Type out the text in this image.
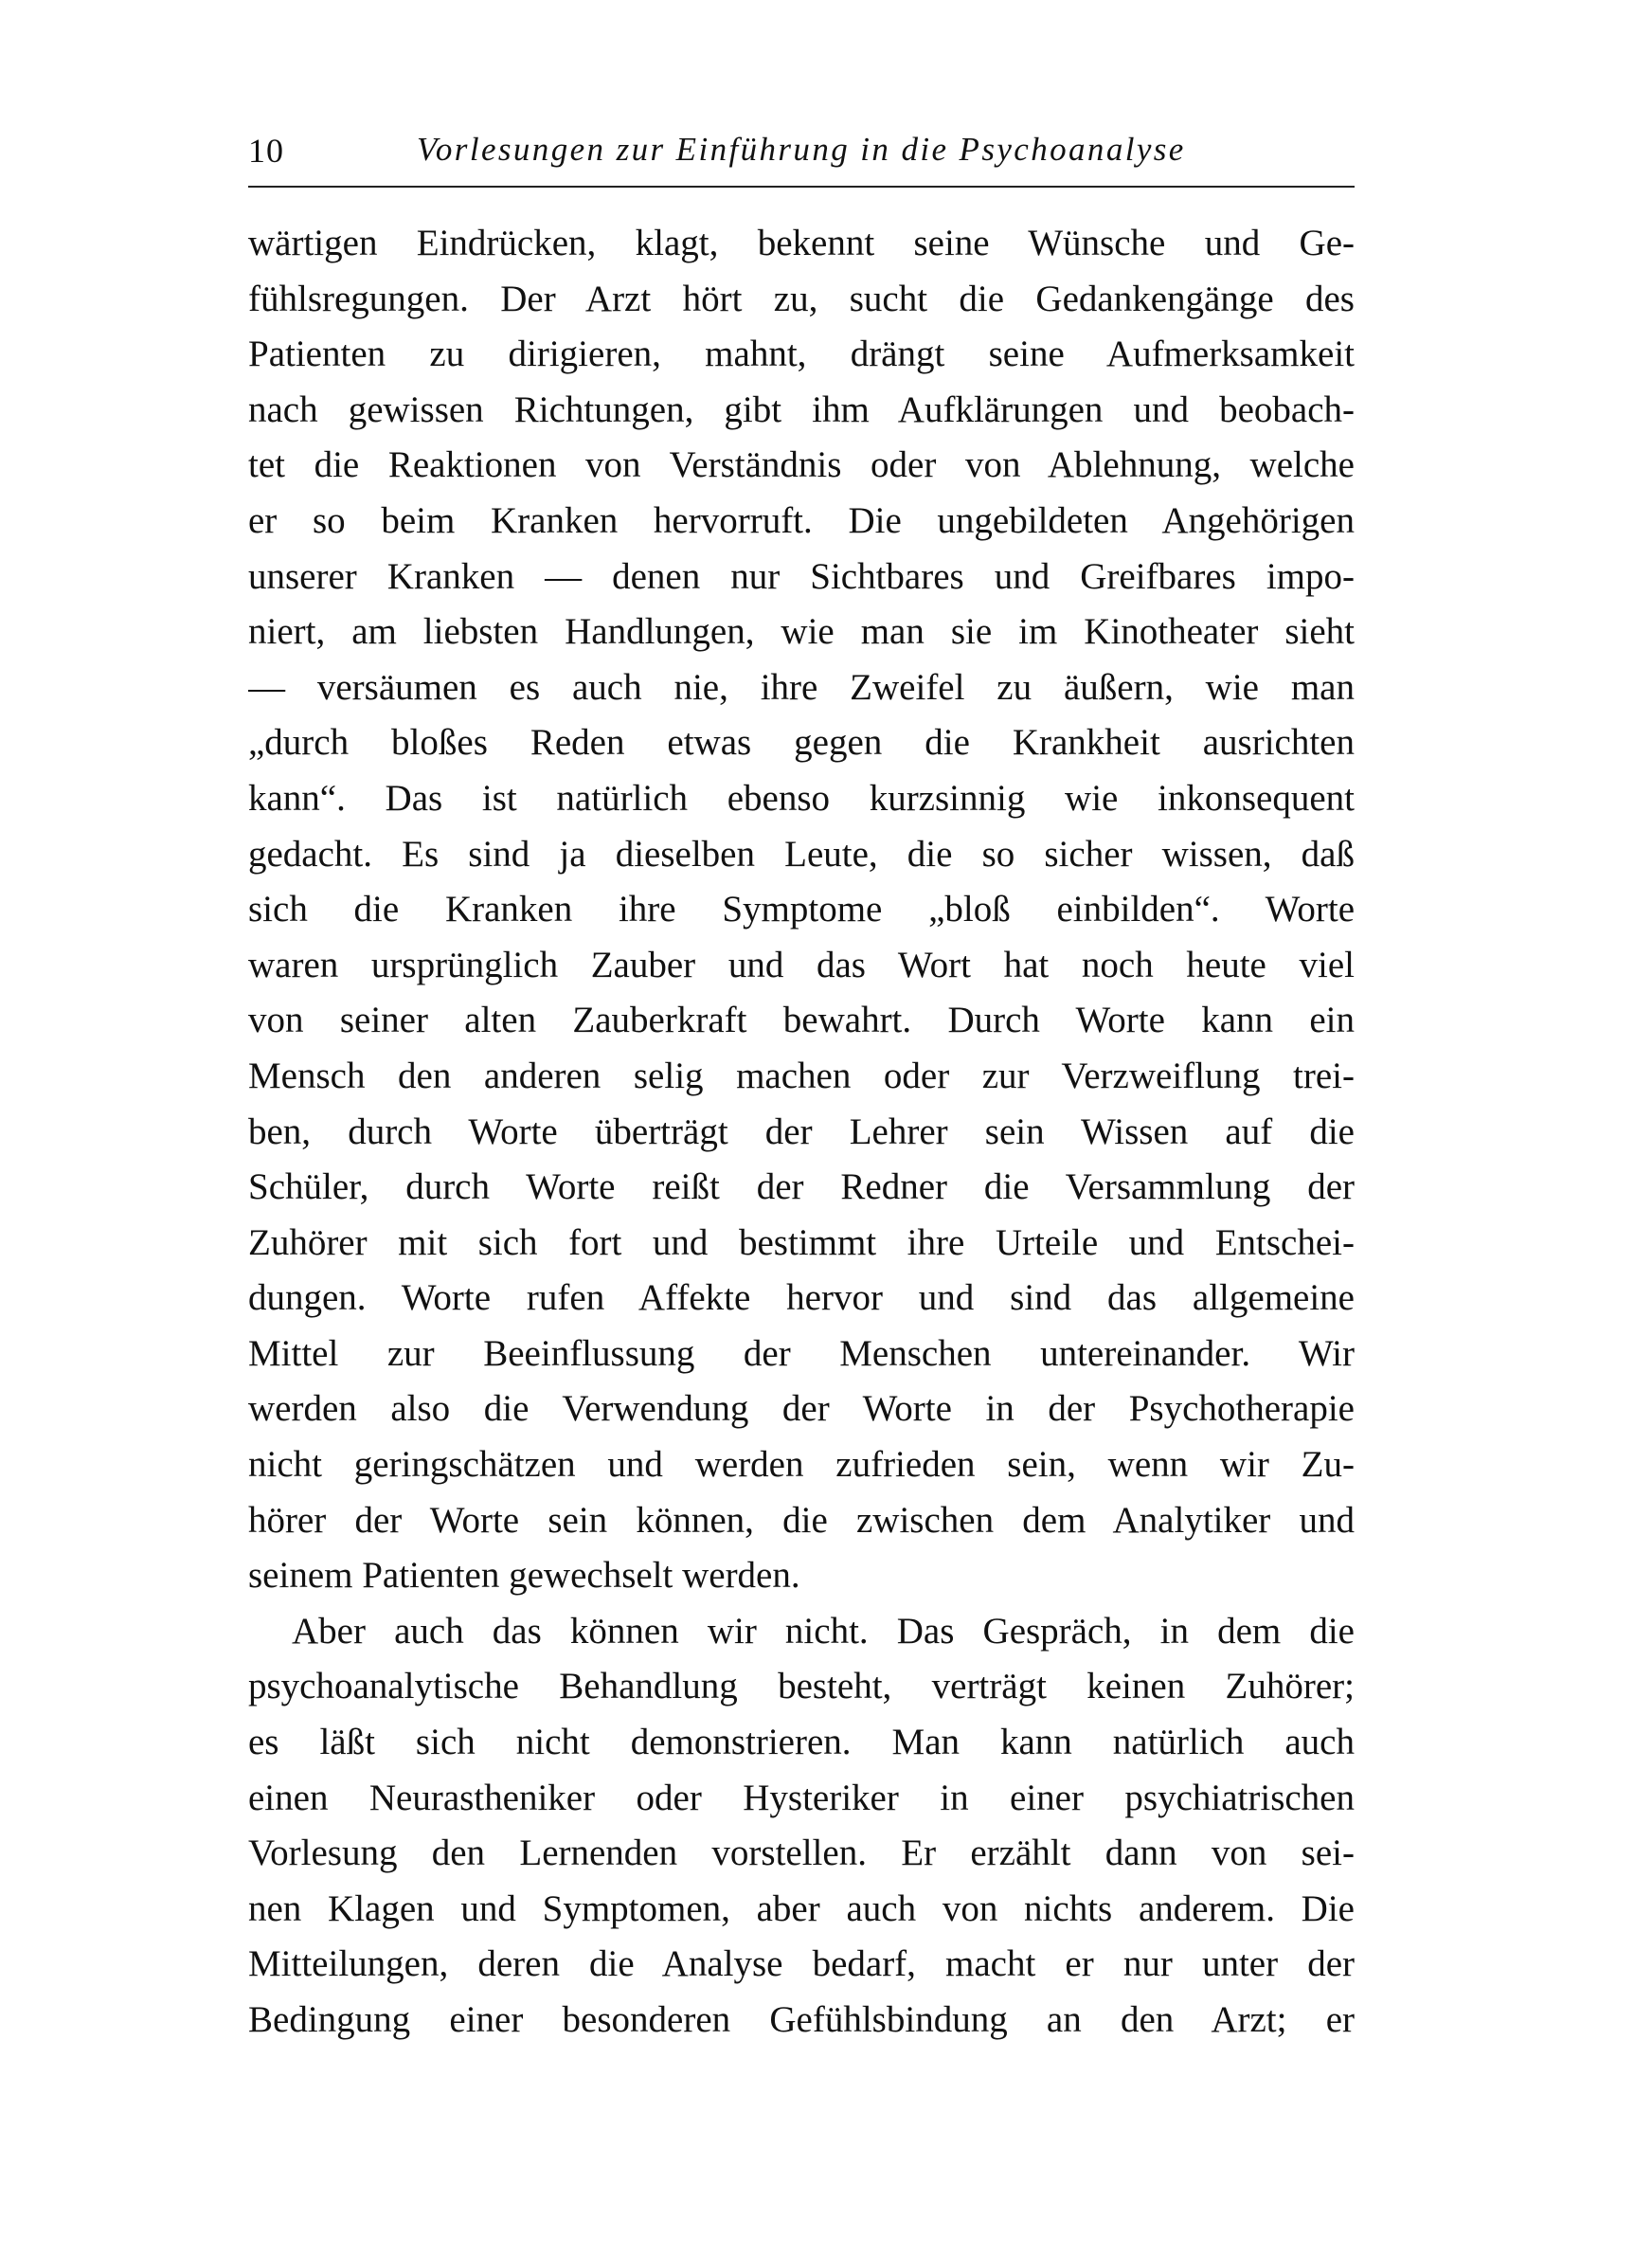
10	Vorlesungen zur Einführung in die Psychoanalyse
wärtigen Eindrücken, klagt, bekennt seine Wünsche und Ge-
fühlsregungen. Der Arzt hört zu, sucht die Gedankengänge des
Patienten zu dirigieren, mahnt, drängt seine Aufmerksamkeit
nach gewissen Richtungen, gibt ihm Aufklärungen und beobach-
tet die Reaktionen von Verständnis oder von Ablehnung, welche
er so beim Kranken hervorruft. Die ungebildeten Angehörigen
unserer Kranken — denen nur Sichtbares und Greifbares impo-
niert, am liebsten Handlungen, wie man sie im Kinotheater sieht
— versäumen es auch nie, ihre Zweifel zu äußern, wie man
„durch bloßes Reden etwas gegen die Krankheit ausrichten
kann“. Das ist natürlich ebenso kurzsinnig wie inkonsequent
gedacht. Es sind ja dieselben Leute, die so sicher wissen, daß
sich die Kranken ihre Symptome „bloß einbilden“. Worte
waren ursprünglich Zauber und das Wort hat noch heute viel
von seiner alten Zauberkraft bewahrt. Durch Worte kann ein
Mensch den anderen selig machen oder zur Verzweiflung trei-
ben, durch Worte überträgt der Lehrer sein Wissen auf die
Schüler, durch Worte reißt der Redner die Versammlung der
Zuhörer mit sich fort und bestimmt ihre Urteile und Entschei-
dungen. Worte rufen Affekte hervor und sind das allgemeine
Mittel zur Beeinflussung der Menschen untereinander. Wir
werden also die Verwendung der Worte in der Psychotherapie
nicht geringschätzen und werden zufrieden sein, wenn wir Zu-
hörer der Worte sein können, die zwischen dem Analytiker und
seinem Patienten gewechselt werden.
Aber auch das können wir nicht. Das Gespräch, in dem die
psychoanalytische Behandlung besteht, verträgt keinen Zuhörer;
es läßt sich nicht demonstrieren. Man kann natürlich auch
einen Neurastheniker oder Hysteriker in einer psychiatrischen
Vorlesung den Lernenden vorstellen. Er erzählt dann von sei-
nen Klagen und Symptomen, aber auch von nichts anderem. Die
Mitteilungen, deren die Analyse bedarf, macht er nur unter der
Bedingung einer besonderen Gefühlsbindung an den Arzt; er
